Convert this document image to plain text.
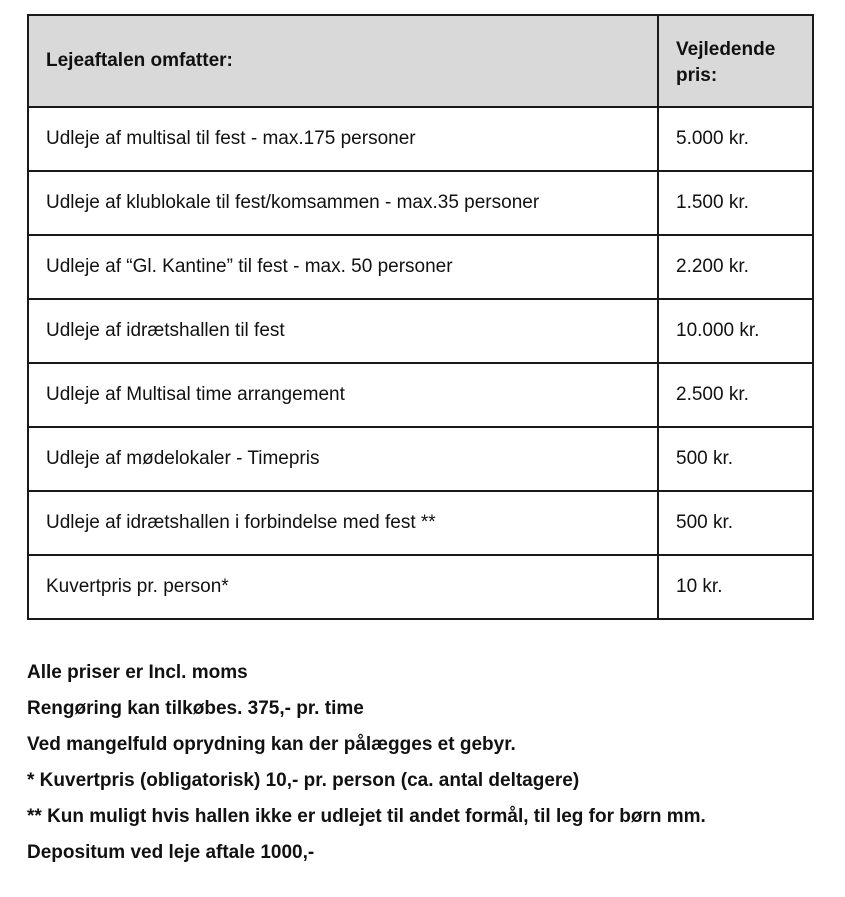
Lejeaftalen omfatter:	Vejledende
pris:
Udleje af multisal til fest - max.175 personer	5.000 kr.
Udleje af klublokale til fest/komsammen - max.35 personer	1.500 kr.
Udleje af “Gl. Kantine” til fest - max. 50 personer	2.200 kr.
Udleje af idrætshallen til fest	10.000 kr.
Udleje af Multisal time arrangement	2.500 kr.
Udleje af mødelokaler - Timepris	500 kr.
Udleje af idrætshallen i forbindelse med fest **	500 kr.
Kuvertpris pr. person*	10 kr.
Alle priser er Incl. moms
Rengøring kan tilkøbes. 375,- pr. time
Ved mangelfuld oprydning kan der pålægges et gebyr.
* Kuvertpris (obligatorisk) 10,- pr. person (ca. antal deltagere)
** Kun muligt hvis hallen ikke er udlejet til andet formål, til leg for børn mm.
Depositum ved leje aftale 1000,-
